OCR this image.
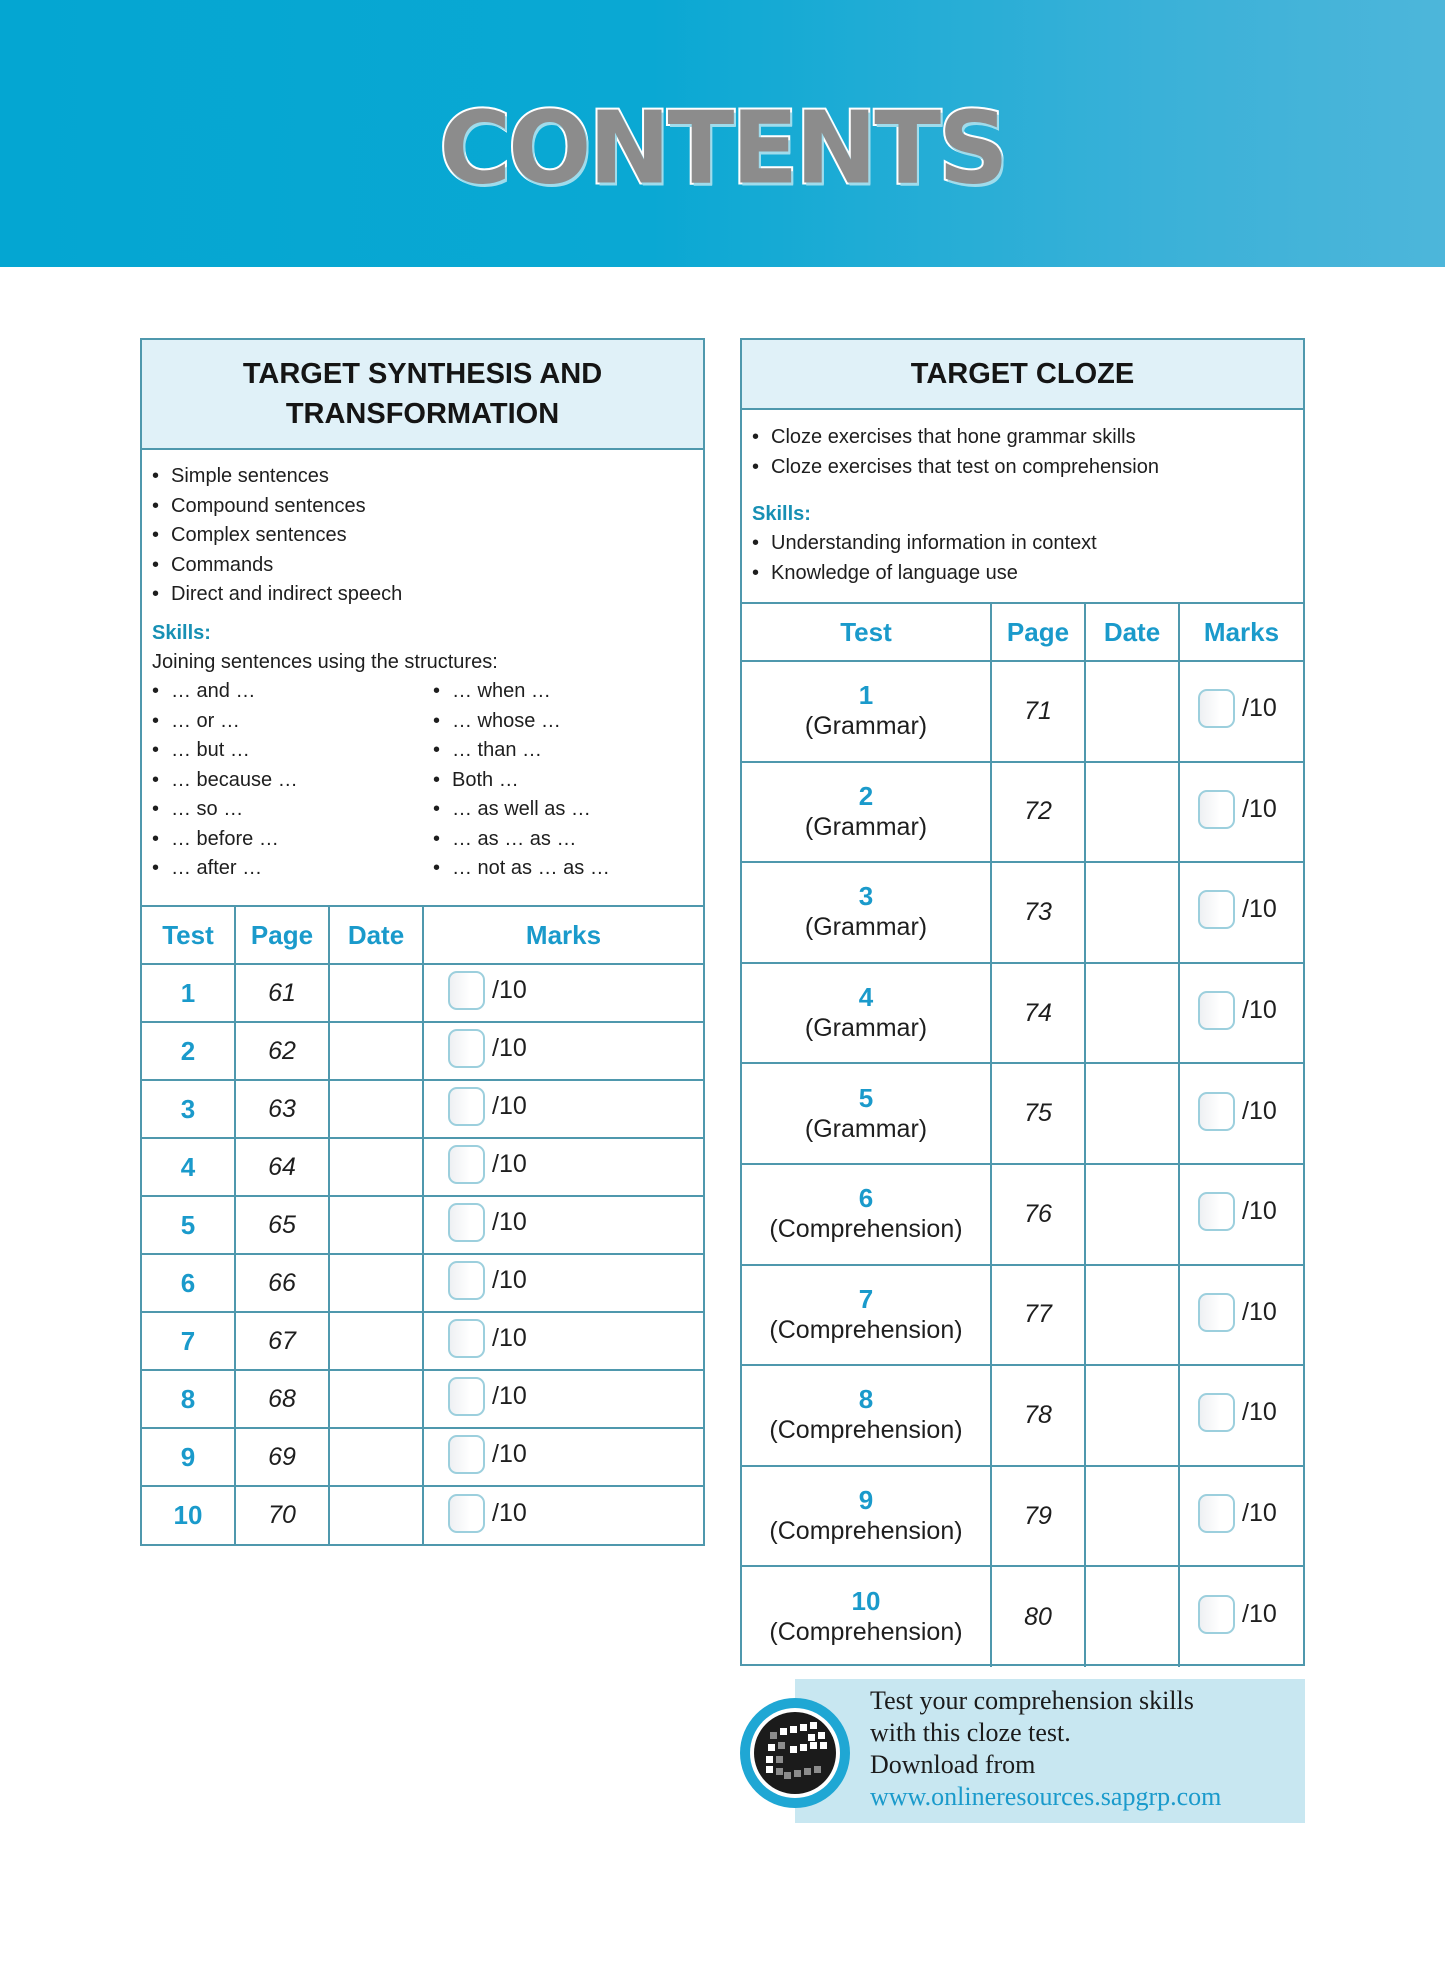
CONTENTS
TARGET SYNTHESIS AND
TRANSFORMATION
• Simple sentences
• Compound sentences
• Complex sentences
• Commands
• Direct and indirect speech
Skills:
Joining sentences using the structures:
• … and …	• … when …
• … or …	• … whose …
• … but …	• … than …
• … because …	• Both …
• … so …	• … as well as …
• … before …	• … as … as …
• … after …	• … not as … as …
Test	Page	Date	Marks
1	61		/10

2	62		/10

3	63		/10

4	64		/10

5	65		/10

6	66		/10

7	67		/10

8	68		/10

9	69		/10

10	70		/10
TARGET CLOZE
• Cloze exercises that hone grammar skills
• Cloze exercises that test on comprehension
Skills:
• Understanding information in context
• Knowledge of language use
Test	Page	Date	Marks

1
(Grammar)	71		/10

2
(Grammar)	72		/10

3
(Grammar)	73		/10

4
(Grammar)	74		/10

5
(Grammar)	75		/10

6
(Comprehension)	76		/10

7
(Comprehension)	77		/10

8
(Comprehension)	78		/10

9
(Comprehension)	79		/10

10
(Comprehension)	80		/10
Test your comprehension skills
with this cloze test.
Download from
www.onlineresources.sapgrp.com
